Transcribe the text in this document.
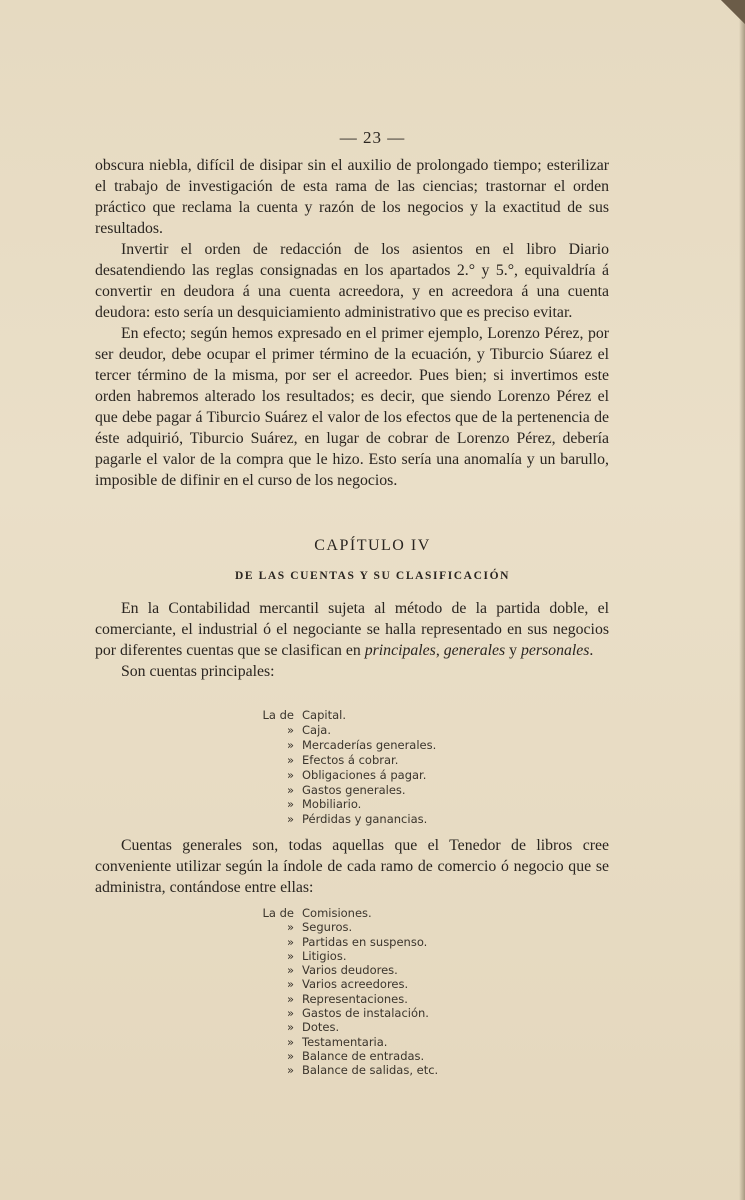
— 23 —

obscura niebla, difícil de disipar sin el auxilio de prolongado tiempo; esterilizar el trabajo de investigación de esta rama de las ciencias; trastornar el orden práctico que reclama la cuenta y razón de los negocios y la exactitud de sus resultados.

Invertir el orden de redacción de los asientos en el libro Diario desatendiendo las reglas consignadas en los apartados 2.° y 5.°, equivaldría á convertir en deudora á una cuenta acreedora, y en acreedora á una cuenta deudora: esto sería un desquiciamiento administrativo que es preciso evitar.

En efecto; según hemos expresado en el primer ejemplo, Lorenzo Pérez, por ser deudor, debe ocupar el primer término de la ecuación, y Tiburcio Súarez el tercer término de la misma, por ser el acreedor. Pues bien; si invertimos este orden habremos alterado los resultados; es decir, que siendo Lorenzo Pérez el que debe pagar á Tiburcio Suárez el valor de los efectos que de la pertenencia de éste adquirió, Tiburcio Suárez, en lugar de cobrar de Lorenzo Pérez, debería pagarle el valor de la compra que le hizo. Esto sería una anomalía y un barullo, imposible de difinir en el curso de los negocios.

CAPÍTULO IV
DE LAS CUENTAS Y SU CLASIFICACIÓN

En la Contabilidad mercantil sujeta al método de la partida doble, el comerciante, el industrial ó el negociante se halla representado en sus negocios por diferentes cuentas que se clasifican en principales, generales y personales.

Son cuentas principales:

La de Capital.
» Caja.
» Mercaderías generales.
» Efectos á cobrar.
» Obligaciones á pagar.
» Gastos generales.
» Mobiliario.
» Pérdidas y ganancias.

Cuentas generales son, todas aquellas que el Tenedor de libros cree conveniente utilizar según la índole de cada ramo de comercio ó negocio que se administra, contándose entre ellas:

La de Comisiones.
» Seguros.
» Partidas en suspenso.
» Litigios.
» Varios deudores.
» Varios acreedores.
» Representaciones.
» Gastos de instalación.
» Dotes.
» Testamentaria.
» Balance de entradas.
» Balance de salidas, etc.
